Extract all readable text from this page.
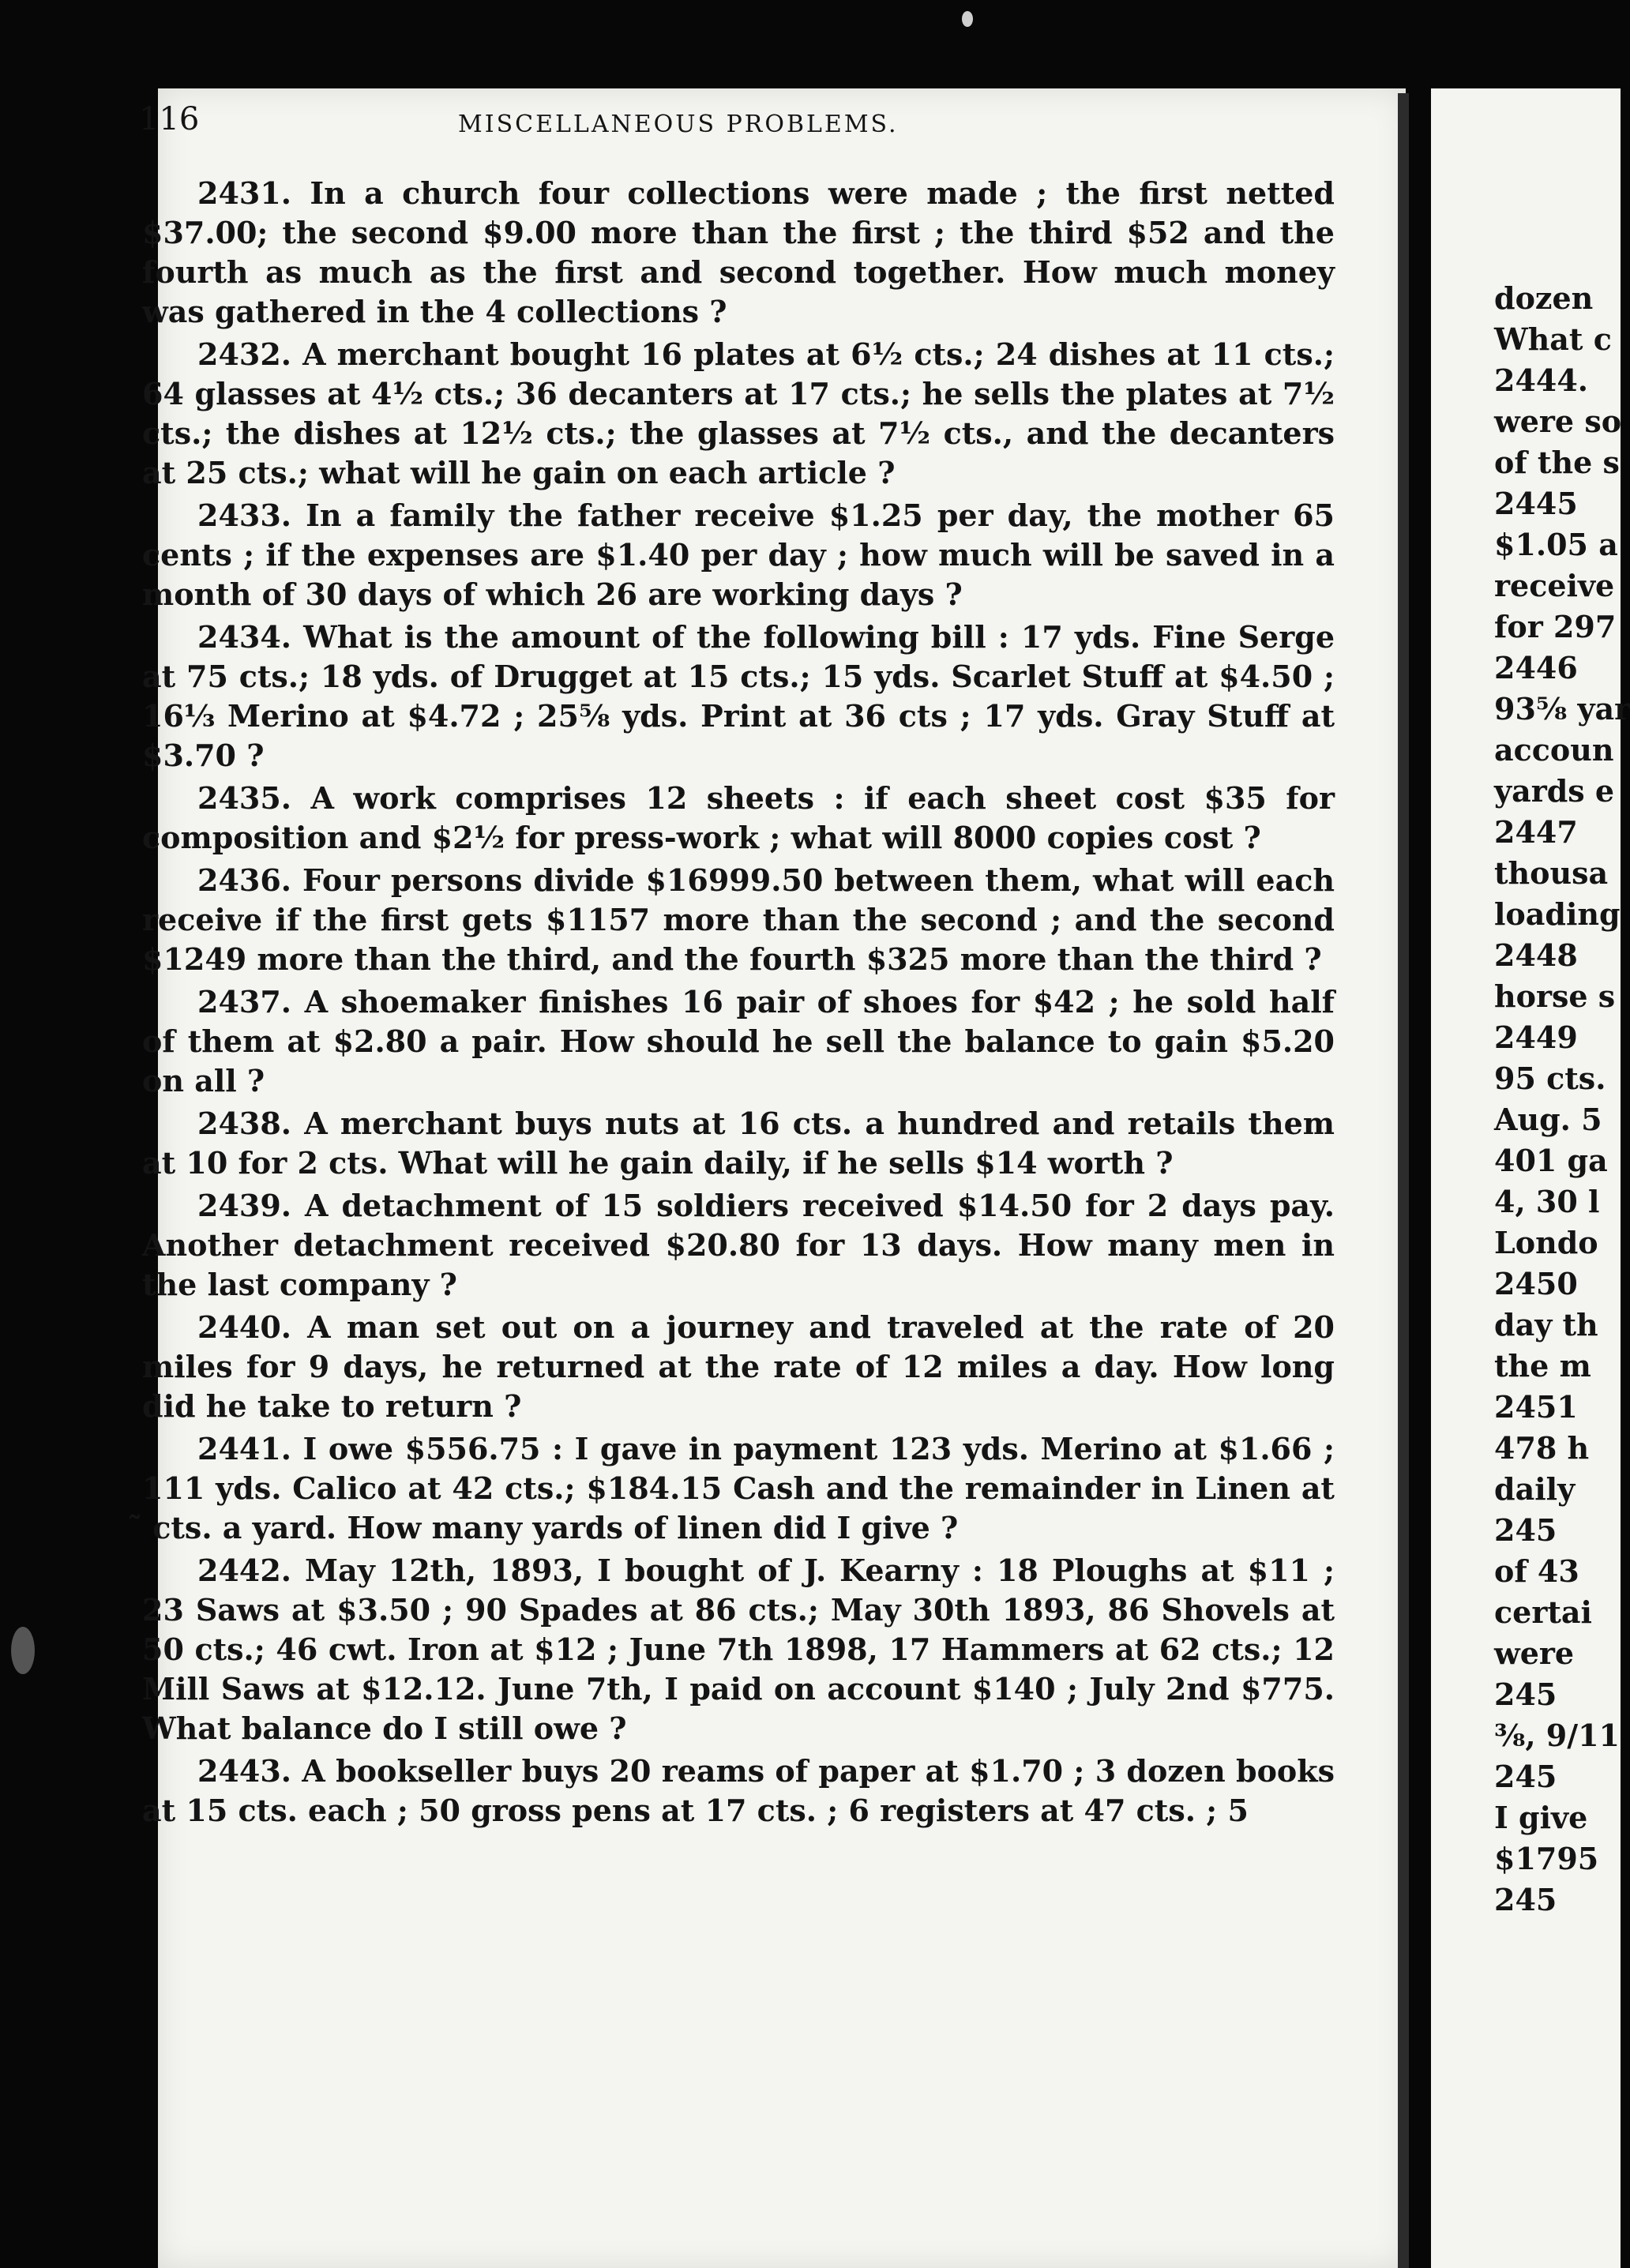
116	MISCELLANEOUS PROBLEMS.

2431. In a church four collections were made ; the first netted $37.00; the second $9.00 more than the first ; the third $52 and the fourth as much as the first and second together. How much money was gathered in the 4 collections ?

2432. A merchant bought 16 plates at 6½ cts.; 24 dishes at 11 cts.; 64 glasses at 4½ cts.; 36 decanters at 17 cts.; he sells the plates at 7½ cts.; the dishes at 12½ cts.; the glasses at 7½ cts., and the decanters at 25 cts.; what will he gain on each article ?

2433. In a family the father receive $1.25 per day, the mother 65 cents ; if the expenses are $1.40 per day ; how much will be saved in a month of 30 days of which 26 are working days ?

2434. What is the amount of the following bill : 17 yds. Fine Serge at 75 cts.; 18 yds. of Drugget at 15 cts.; 15 yds. Scarlet Stuff at $4.50 ; 16⅓ Merino at $4.72 ; 25⅝ yds. Print at 36 cts ; 17 yds. Gray Stuff at $3.70 ?

2435. A work comprises 12 sheets : if each sheet cost $35 for composition and $2½ for press-work ; what will 8000 copies cost ?

2436. Four persons divide $16999.50 between them, what will each receive if the first gets $1157 more than the second ; and the second $1249 more than the third, and the fourth $325 more than the third ?

2437. A shoemaker finishes 16 pair of shoes for $42 ; he sold half of them at $2.80 a pair. How should he sell the balance to gain $5.20 on all ?

2438. A merchant buys nuts at 16 cts. a hundred and retails them at 10 for 2 cts. What will he gain daily, if he sells $14 worth ?

2439. A detachment of 15 soldiers received $14.50 for 2 days pay. Another detachment received $20.80 for 13 days. How many men in the last company ?

2440. A man set out on a journey and traveled at the rate of 20 miles for 9 days, he returned at the rate of 12 miles a day. How long did he take to return ?

2441. I owe $556.75 : I gave in payment 123 yds. Merino at $1.66 ; 111 yds. Calico at 42 cts.; $184.15 Cash and the remainder in Linen at ̃ cts. a yard. How many yards of linen did I give ?

2442. May 12th, 1893, I bought of J. Kearny : 18 Ploughs at $11 ; 23 Saws at $3.50 ; 90 Spades at 86 cts.; May 30th 1893, 86 Shovels at 50 cts.; 46 cwt. Iron at $12 ; June 7th 1898, 17 Hammers at 62 cts.; 12 Mill Saws at $12.12. June 7th, I paid on account $140 ; July 2nd $775. What balance do I still owe ?

2443. A bookseller buys 20 reams of paper at $1.70 ; 3 dozen books at 15 cts. each ; 50 gross pens at 17 cts. ; 6 registers at 47 cts. ; 5

dozen
What c
2444.
were so
of the s
2445
$1.05 a
receive
for 297
2446
93⅝ yar
accoun
yards e
2447
thousa
loading
2448
horse s
2449
95 cts.
Aug. 5
401 ga
4, 30 l
Londo
2450
day th
the m
2451
478 h
daily
245
of 43
certai
were
245
⅜, 9/11
245
I give
$1795
245
